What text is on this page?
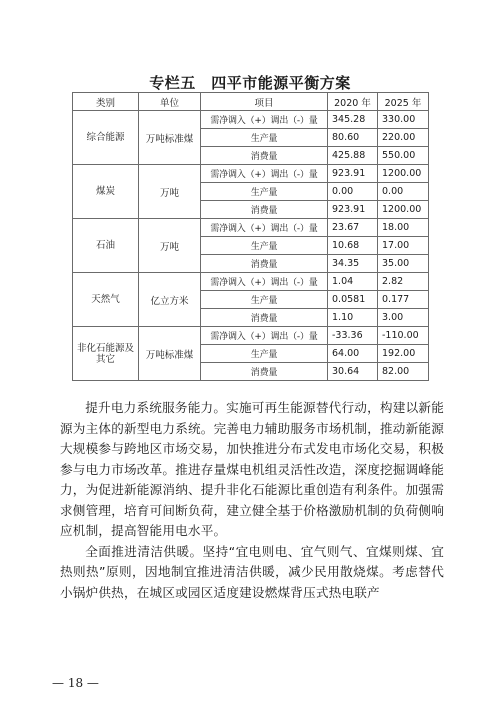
专栏五　四平市能源平衡方案
类别	单位	项目	2020 年	2025 年
综合能源	万吨标准煤	需净调入（+）调出（-）量	345.28	330.00
		生产量	80.60	220.00
		消费量	425.88	550.00
煤炭	万吨	需净调入（+）调出（-）量	923.91	1200.00
		生产量	0.00	0.00
		消费量	923.91	1200.00
石油	万吨	需净调入（+）调出（-）量	23.67	18.00
		生产量	10.68	17.00
		消费量	34.35	35.00
天然气	亿立方米	需净调入（+）调出（-）量	1.04	2.82
		生产量	0.0581	0.177
		消费量	1.10	3.00
非化石能源及其它	万吨标准煤	需净调入（+）调出（-）量	-33.36	-110.00
		生产量	64.00	192.00
		消费量	30.64	82.00

提升电力系统服务能力。实施可再生能源替代行动，构建以新能源为主体的新型电力系统。完善电力辅助服务市场机制，推动新能源大规模参与跨地区市场交易，加快推进分布式发电市场化交易，积极参与电力市场改革。推进存量煤电机组灵活性改造，深度挖掘调峰能力，为促进新能源消纳、提升非化石能源比重创造有利条件。加强需求侧管理，培育可间断负荷，建立健全基于价格激励机制的负荷侧响应机制，提高智能用电水平。

全面推进清洁供暖。坚持“宜电则电、宜气则气、宜煤则煤、宜热则热”原则，因地制宜推进清洁供暖，减少民用散烧煤。考虑替代小锅炉供热，在城区或园区适度建设燃煤背压式热电联产

— 18 —
